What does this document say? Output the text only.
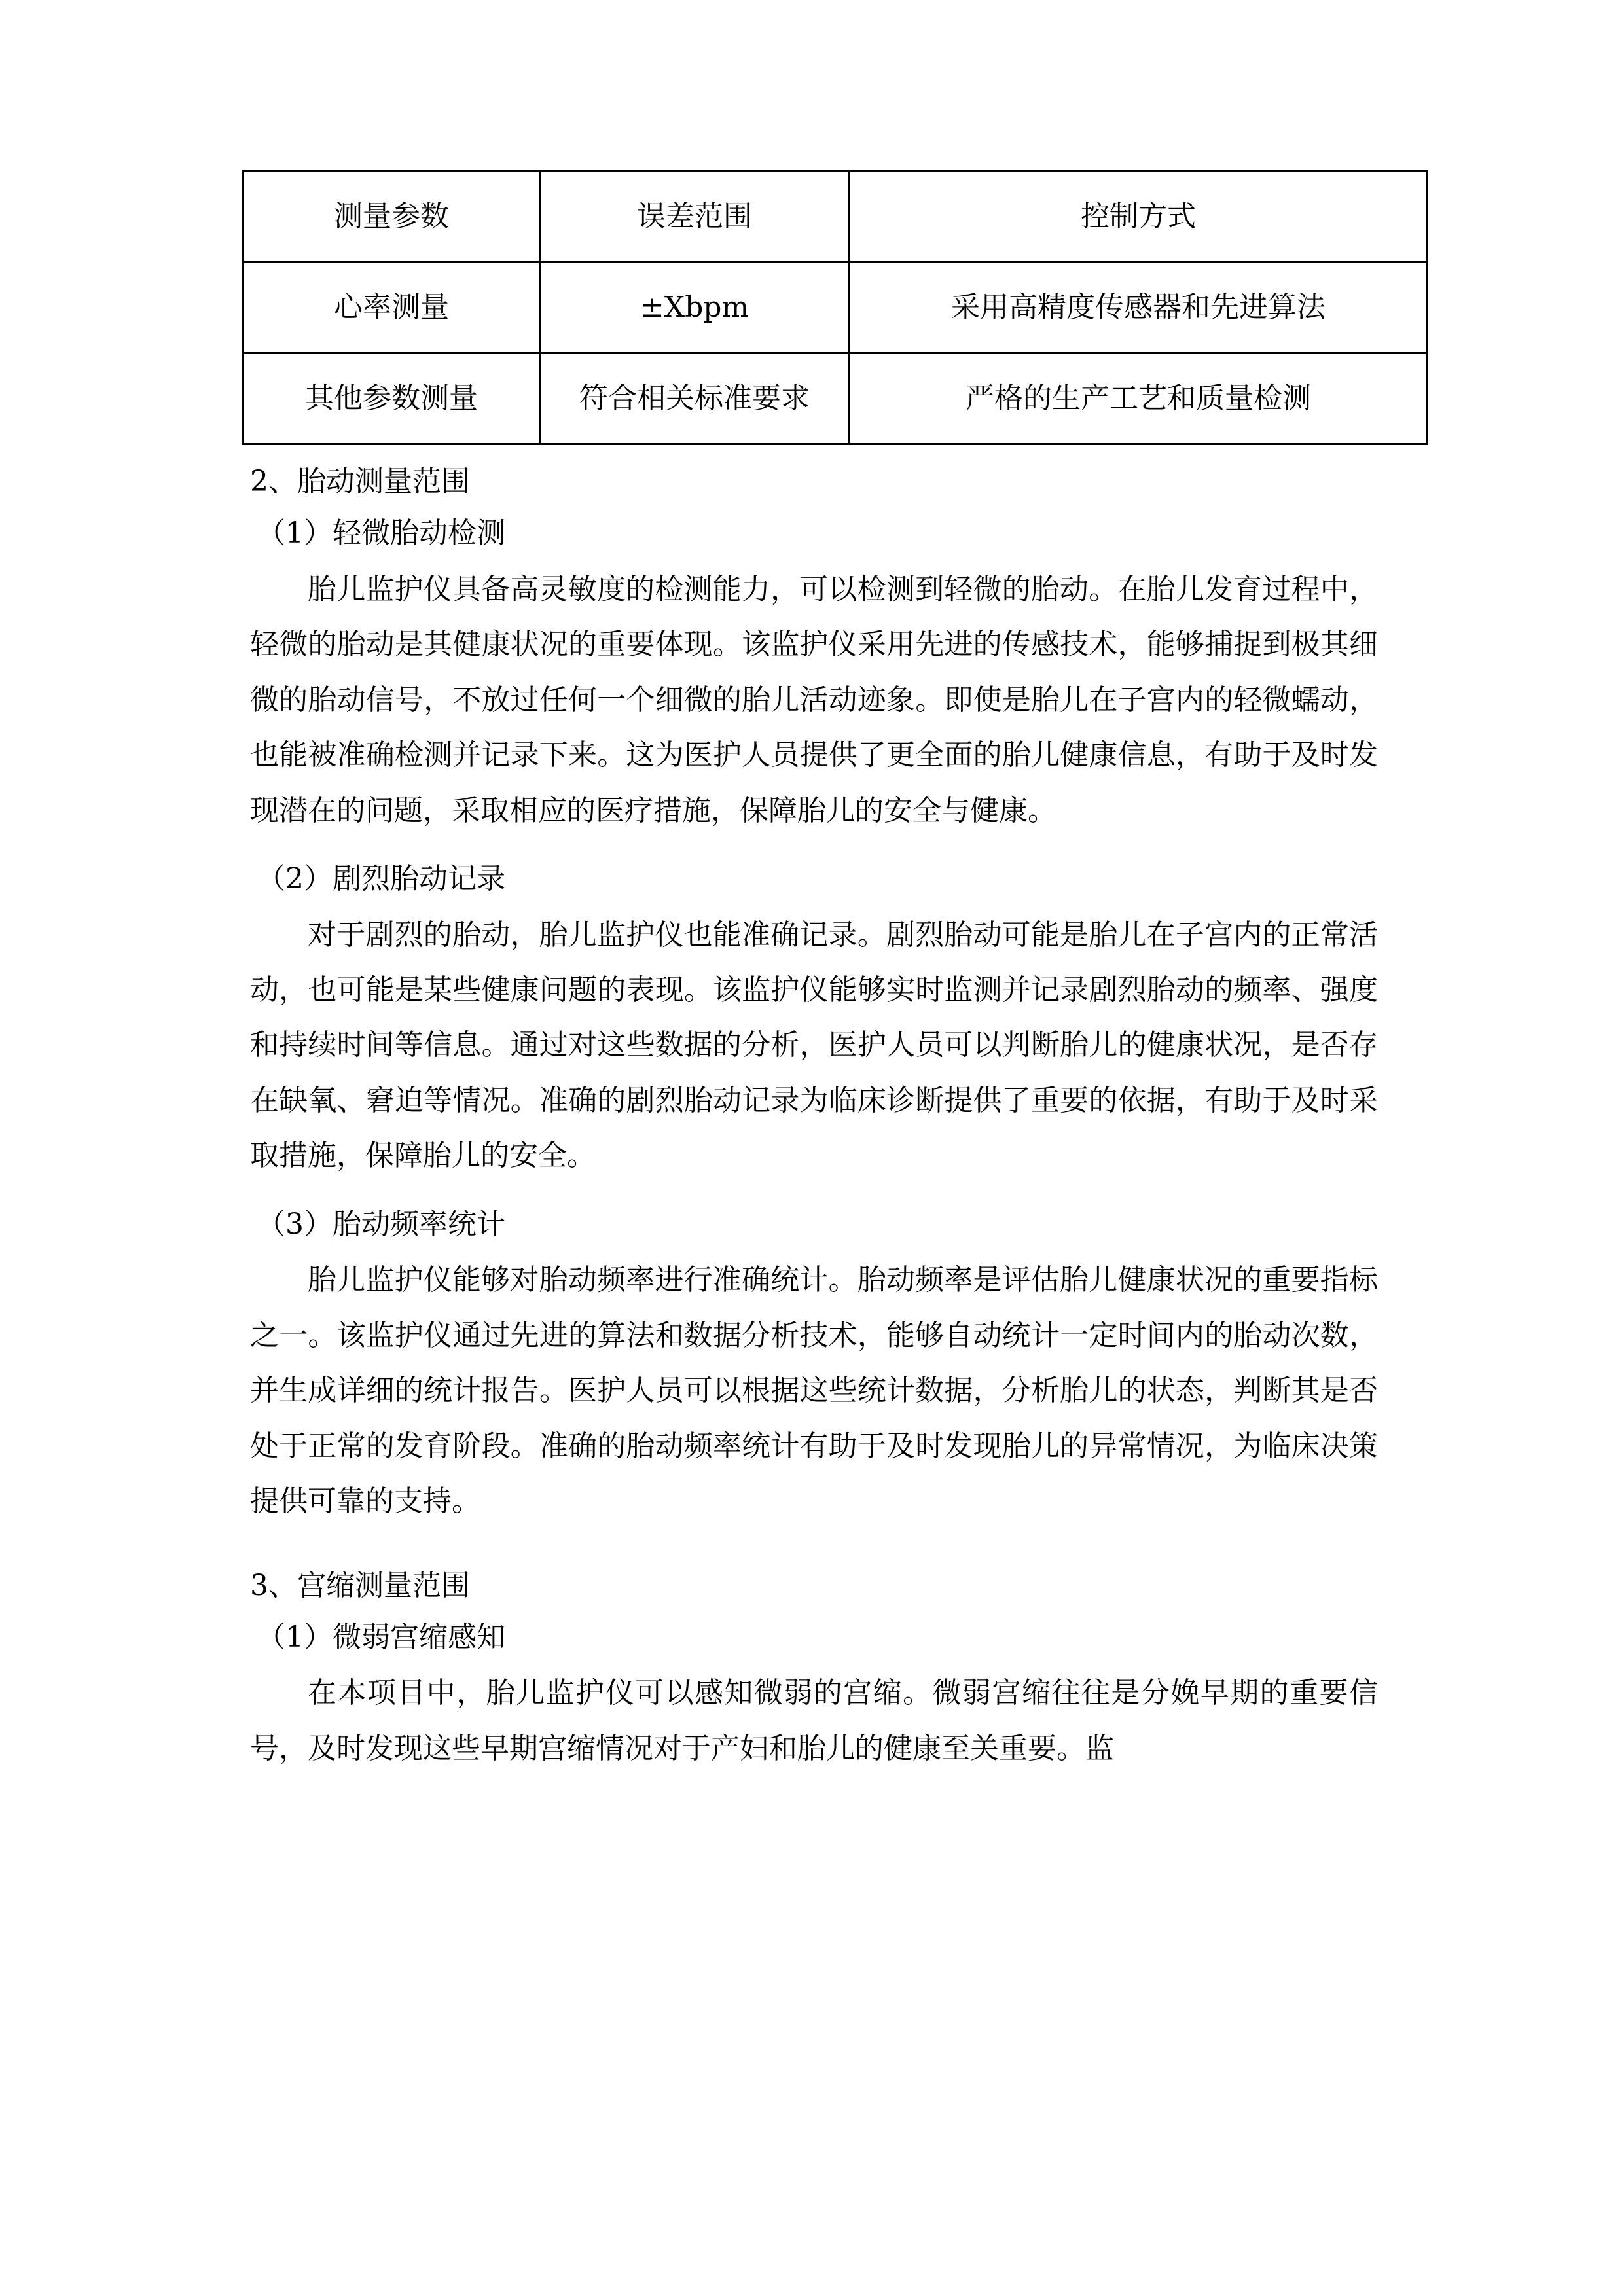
测量参数	误差范围	控制方式
心率测量	±Xbpm	采用高精度传感器和先进算法
其他参数测量	符合相关标准要求	严格的生产工艺和质量检测
2、胎动测量范围
（1）轻微胎动检测
胎儿监护仪具备高灵敏度的检测能力，可以检测到轻微的胎动。在胎儿发育过程中，轻微的胎动是其健康状况的重要体现。该监护仪采用先进的传感技术，能够捕捉到极其细微的胎动信号，不放过任何一个细微的胎儿活动迹象。即使是胎儿在子宫内的轻微蠕动，也能被准确检测并记录下来。这为医护人员提供了更全面的胎儿健康信息，有助于及时发现潜在的问题，采取相应的医疗措施，保障胎儿的安全与健康。
（2）剧烈胎动记录
对于剧烈的胎动，胎儿监护仪也能准确记录。剧烈胎动可能是胎儿在子宫内的正常活动，也可能是某些健康问题的表现。该监护仪能够实时监测并记录剧烈胎动的频率、强度和持续时间等信息。通过对这些数据的分析，医护人员可以判断胎儿的健康状况，是否存在缺氧、窘迫等情况。准确的剧烈胎动记录为临床诊断提供了重要的依据，有助于及时采取措施，保障胎儿的安全。
（3）胎动频率统计
胎儿监护仪能够对胎动频率进行准确统计。胎动频率是评估胎儿健康状况的重要指标之一。该监护仪通过先进的算法和数据分析技术，能够自动统计一定时间内的胎动次数，并生成详细的统计报告。医护人员可以根据这些统计数据，分析胎儿的状态，判断其是否处于正常的发育阶段。准确的胎动频率统计有助于及时发现胎儿的异常情况，为临床决策提供可靠的支持。
3、宫缩测量范围
（1）微弱宫缩感知
在本项目中，胎儿监护仪可以感知微弱的宫缩。微弱宫缩往往是分娩早期的重要信号，及时发现这些早期宫缩情况对于产妇和胎儿的健康至关重要。监
